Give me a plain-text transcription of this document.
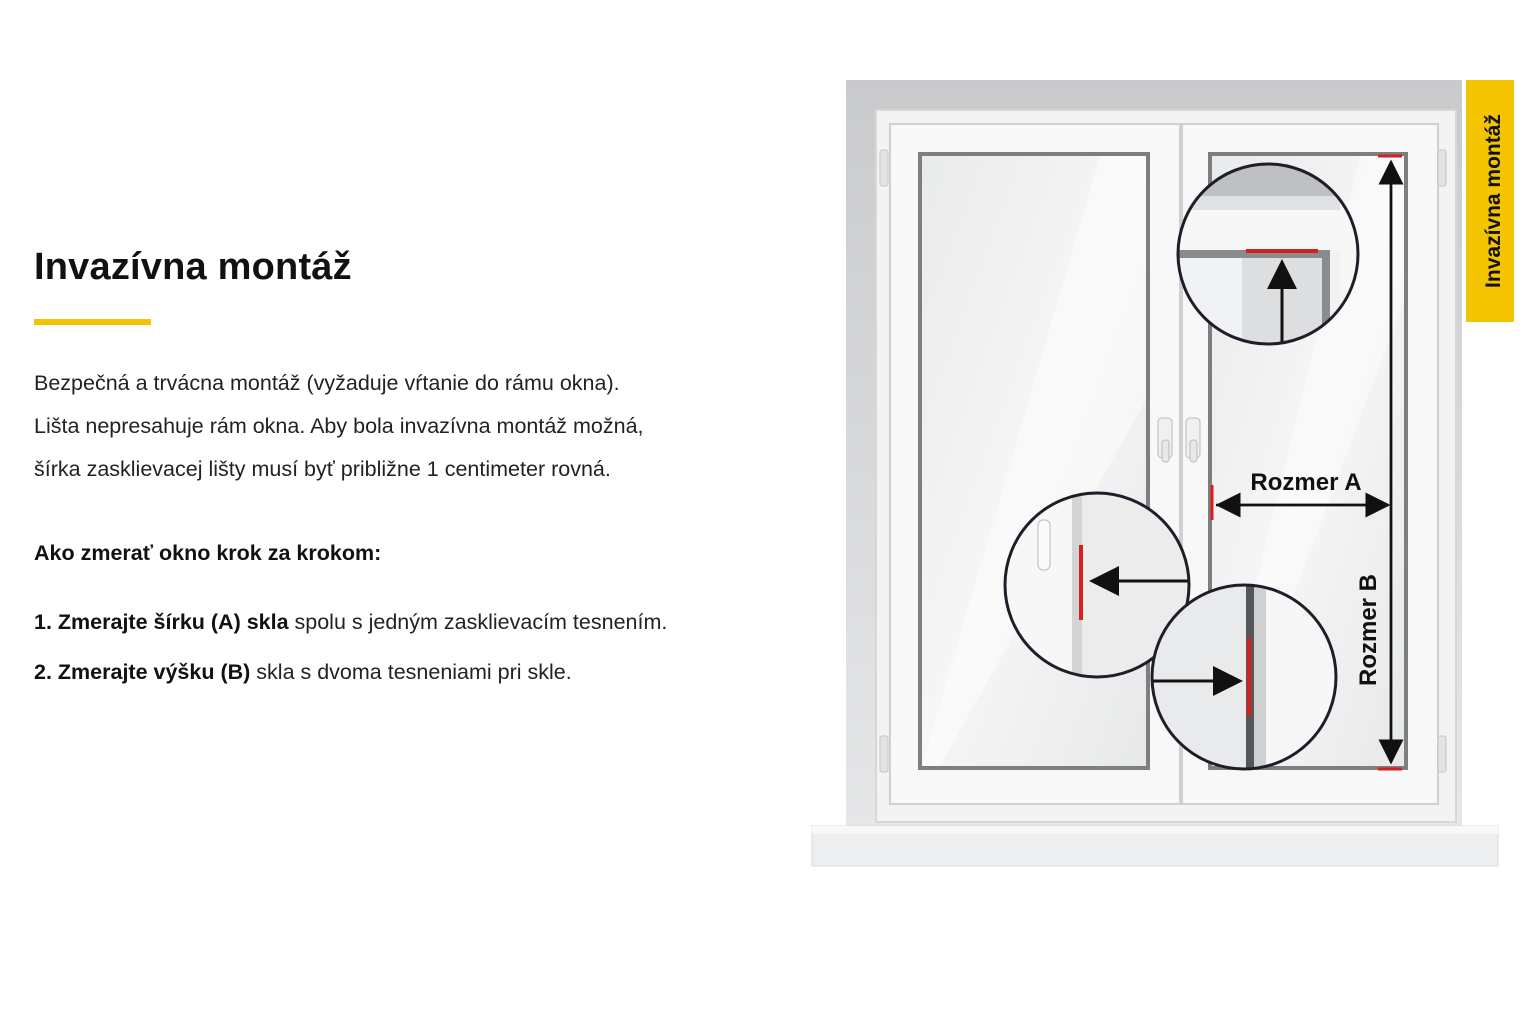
Invazívna montáž

Bezpečná a trvácna montáž (vyžaduje vŕtanie do rámu okna).
Lišta nepresahuje rám okna. Aby bola invazívna montáž možná,
šírka zasklievacej lišty musí byť približne 1 centimeter rovná.

Ako zmerať okno krok za krokom:

1. Zmerajte šírku (A) skla spolu s jedným zasklievacím tesnením.
2. Zmerajte výšku (B) skla s dvoma tesneniami pri skle.
Invazívna montáž
Rozmer A
Rozmer B
